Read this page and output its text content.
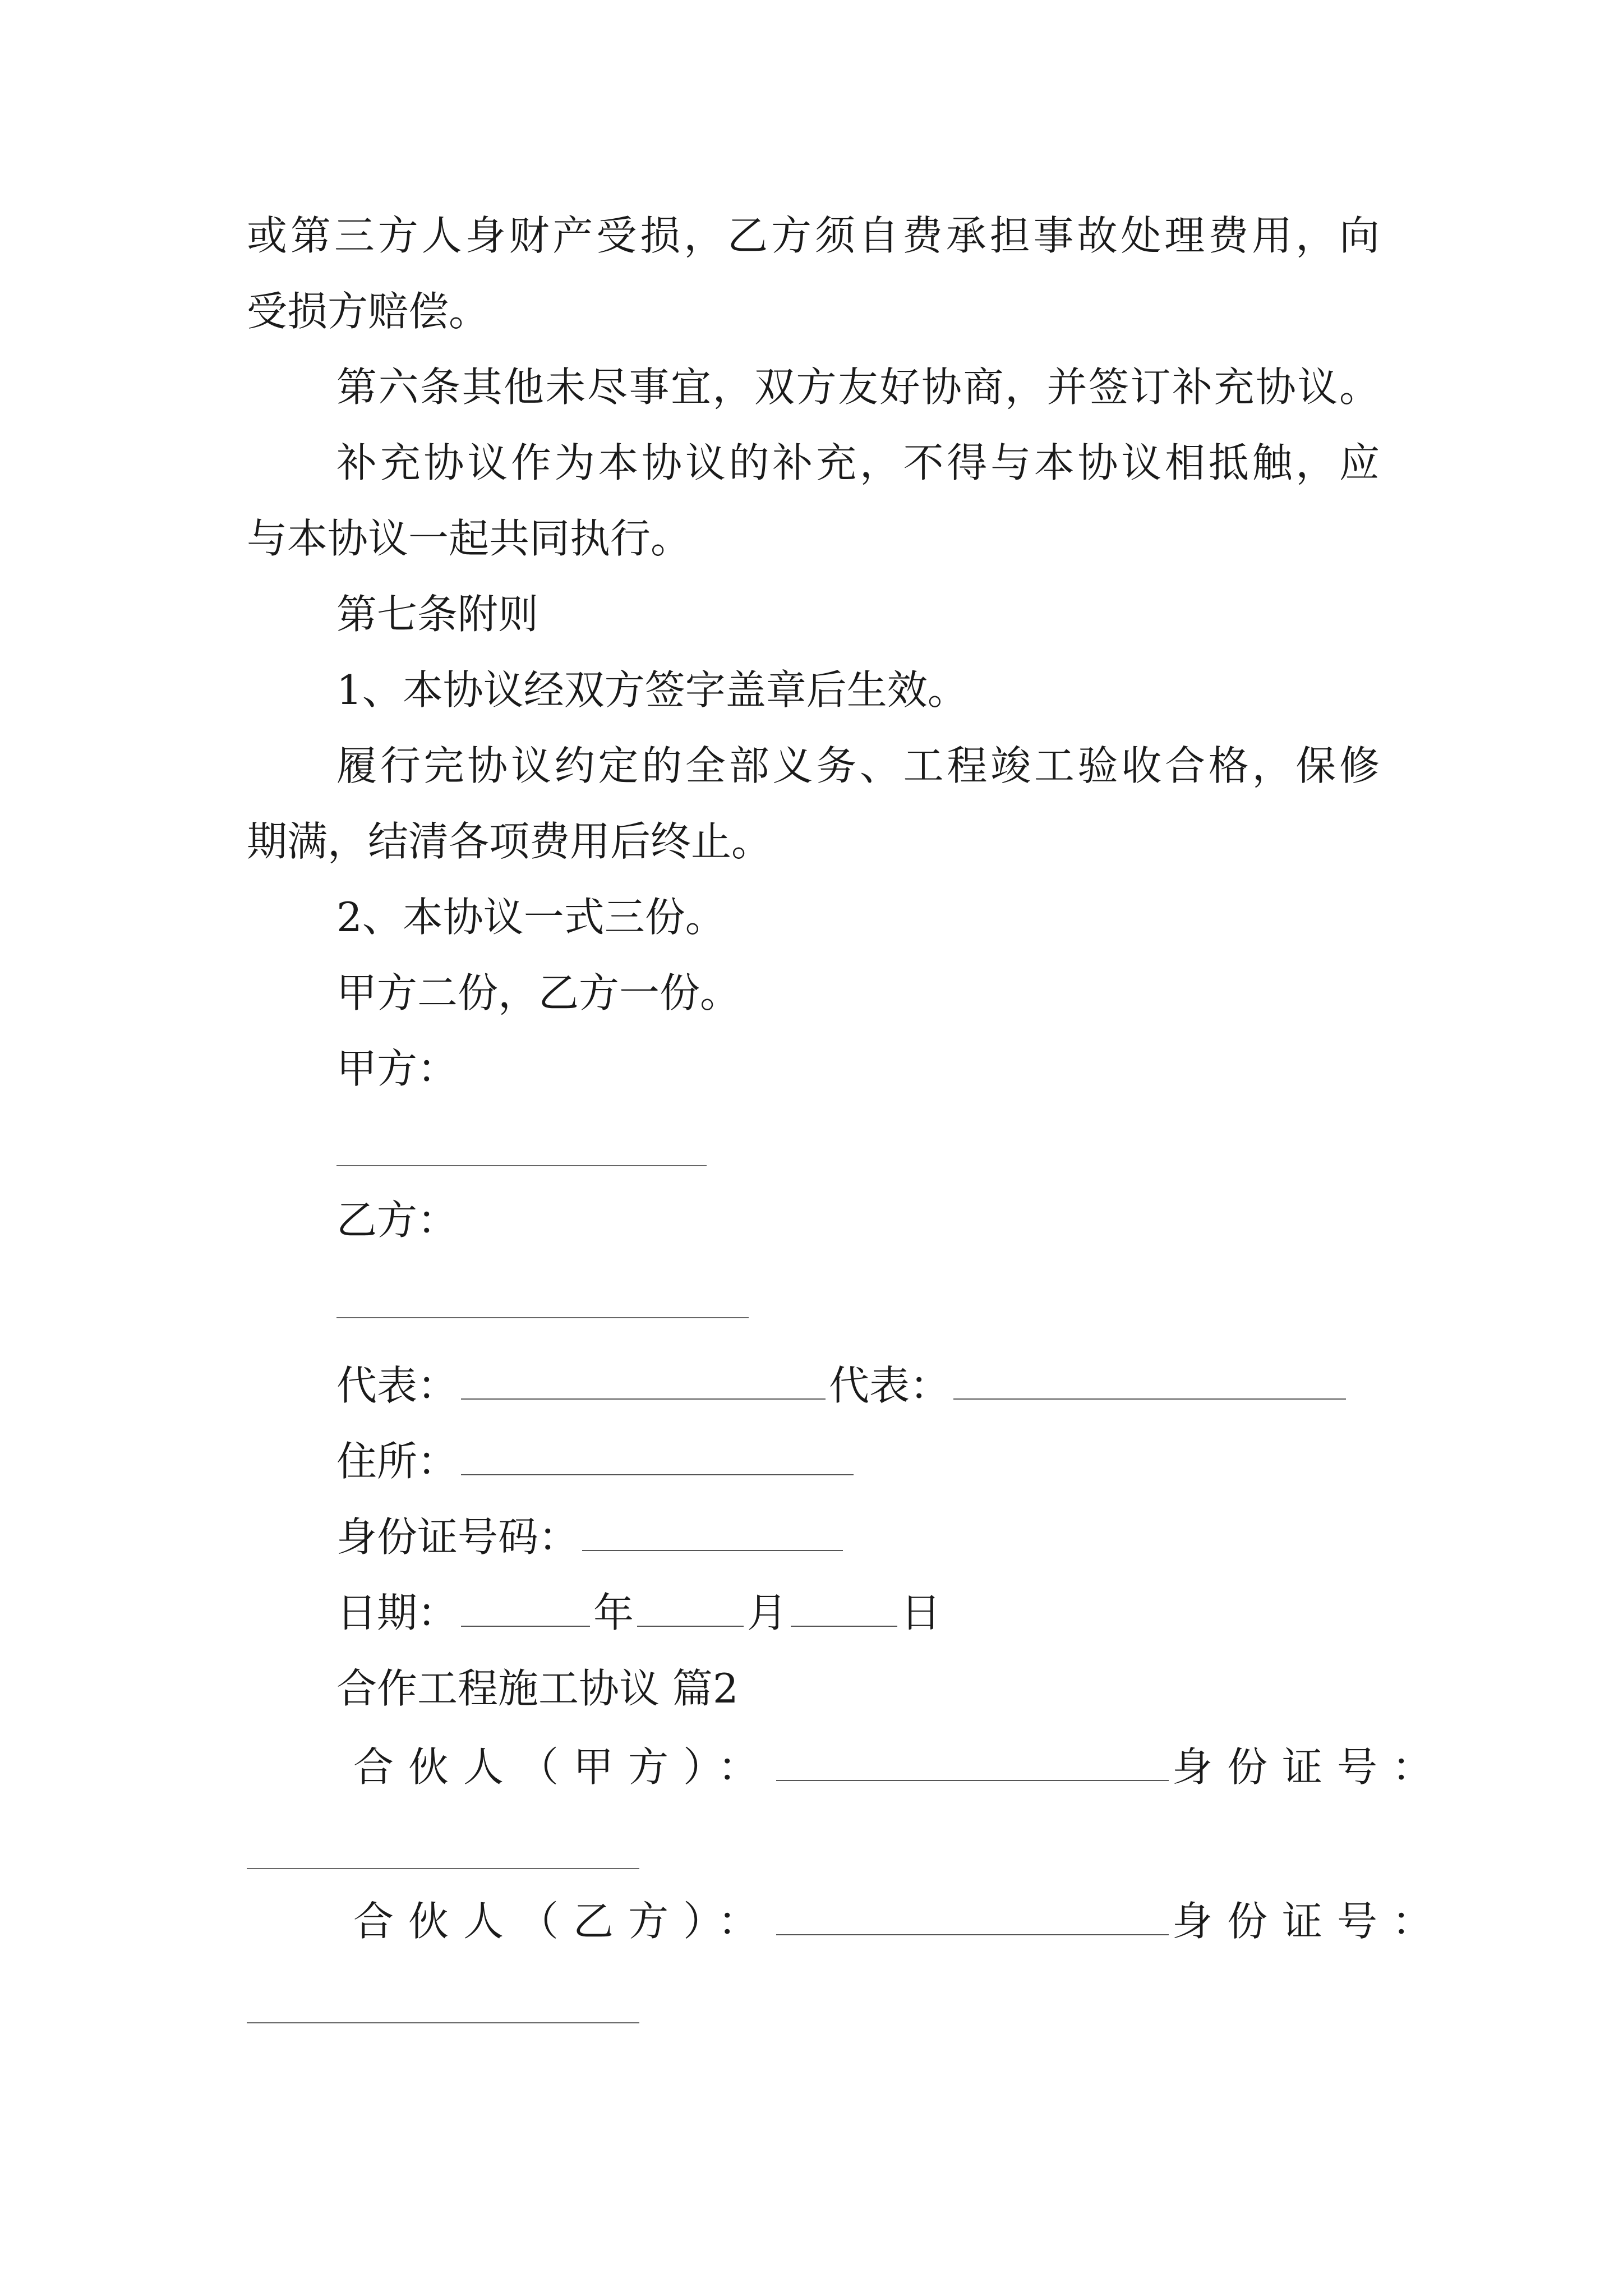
或第三方人身财产受损，乙方须自费承担事故处理费用，向
受损方赔偿。
第六条其他未尽事宜，双方友好协商，并签订补充协议。
补充协议作为本协议的补充，不得与本协议相抵触，应
与本协议一起共同执行。
第七条附则
1、本协议经双方签字盖章后生效。
履行完协议约定的全部义务、工程竣工验收合格，保修
期满，结清各项费用后终止。
2、本协议一式三份。
甲方二份，乙方一份。
甲方：
乙方：
代表：	代表：
住所：
身份证号码：
日期：	年	月	日
合作工程施工协议 篇2
合伙人（甲方）：	身份证号：
合伙人（乙方）：	身份证号：
